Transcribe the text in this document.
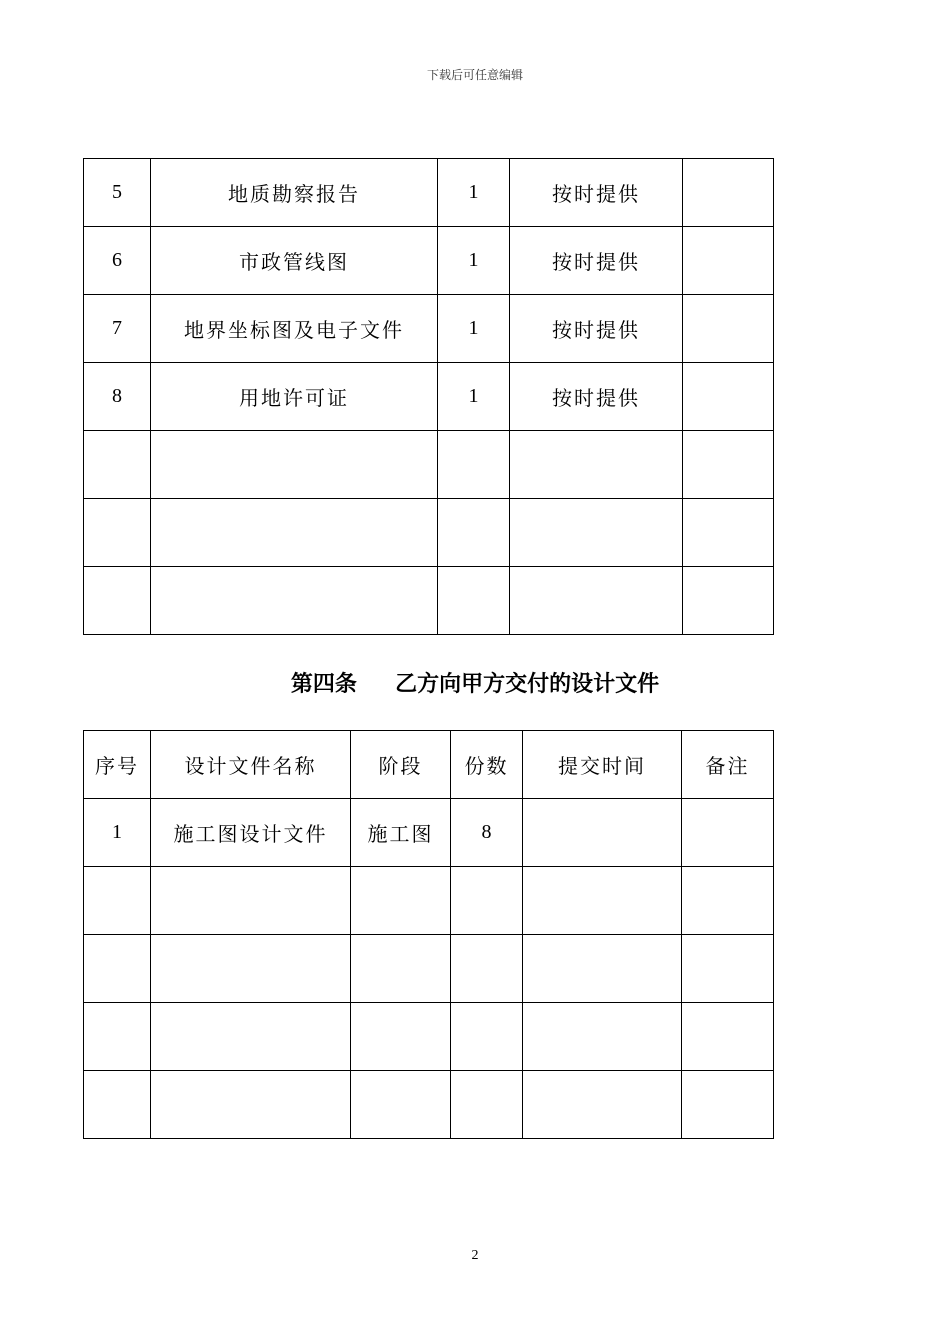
下载后可任意编辑
5	地质勘察报告	1	按时提供	
6	市政管线图	1	按时提供	
7	地界坐标图及电子文件	1	按时提供	
8	用地许可证	1	按时提供	

第四条     乙方向甲方交付的设计文件
序号	设计文件名称	阶段	份数	提交时间	备注
1	施工图设计文件	施工图	8		

2
